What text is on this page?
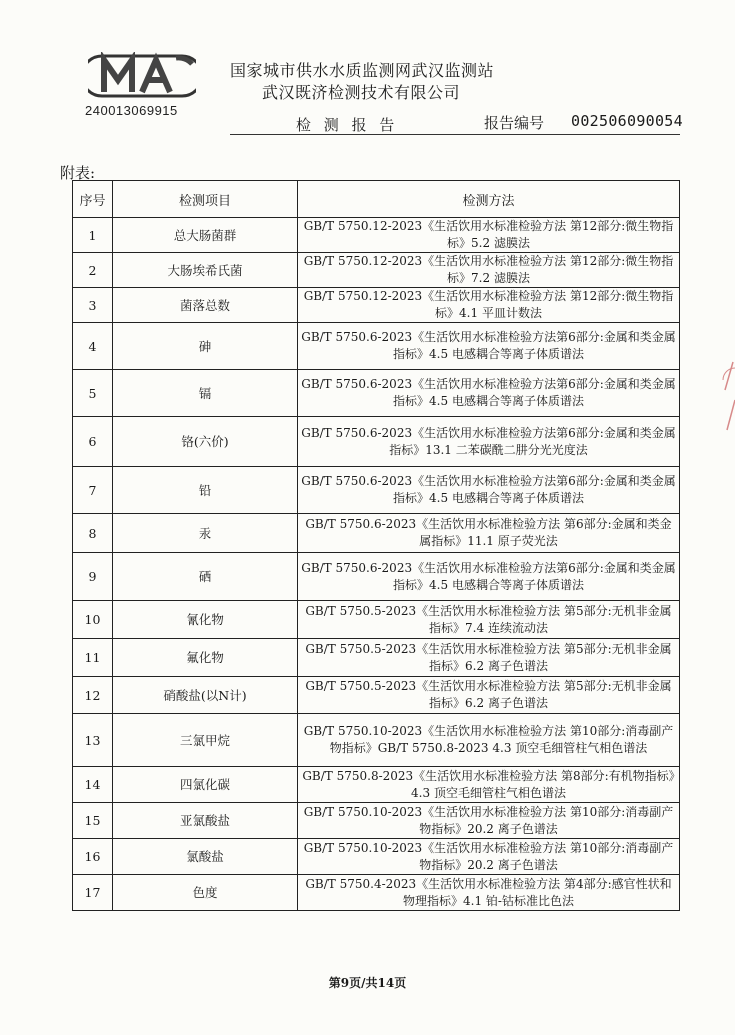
240013069915
国家城市供水水质监测网武汉监测站
武汉既济检测技术有限公司
检 测 报 告	报告编号 002506090054
附表:
序号	检测项目	检测方法
1	总大肠菌群	GB/T 5750.12-2023《生活饮用水标准检验方法 第12部分:微生物指标》5.2 滤膜法
2	大肠埃希氏菌	GB/T 5750.12-2023《生活饮用水标准检验方法 第12部分:微生物指标》7.2 滤膜法
3	菌落总数	GB/T 5750.12-2023《生活饮用水标准检验方法 第12部分:微生物指标》4.1 平皿计数法
4	砷	GB/T 5750.6-2023《生活饮用水标准检验方法第6部分:金属和类金属指标》4.5 电感耦合等离子体质谱法
5	镉	GB/T 5750.6-2023《生活饮用水标准检验方法第6部分:金属和类金属指标》4.5 电感耦合等离子体质谱法
6	铬(六价)	GB/T 5750.6-2023《生活饮用水标准检验方法第6部分:金属和类金属指标》13.1 二苯碳酰二肼分光光度法
7	铅	GB/T 5750.6-2023《生活饮用水标准检验方法第6部分:金属和类金属指标》4.5 电感耦合等离子体质谱法
8	汞	GB/T 5750.6-2023《生活饮用水标准检验方法 第6部分:金属和类金属指标》11.1 原子荧光法
9	硒	GB/T 5750.6-2023《生活饮用水标准检验方法第6部分:金属和类金属指标》4.5 电感耦合等离子体质谱法
10	氰化物	GB/T 5750.5-2023《生活饮用水标准检验方法 第5部分:无机非金属指标》7.4 连续流动法
11	氟化物	GB/T 5750.5-2023《生活饮用水标准检验方法 第5部分:无机非金属指标》6.2 离子色谱法
12	硝酸盐(以N计)	GB/T 5750.5-2023《生活饮用水标准检验方法 第5部分:无机非金属指标》6.2 离子色谱法
13	三氯甲烷	GB/T 5750.10-2023《生活饮用水标准检验方法 第10部分:消毒副产物指标》GB/T 5750.8-2023 4.3 顶空毛细管柱气相色谱法
14	四氯化碳	GB/T 5750.8-2023《生活饮用水标准检验方法 第8部分:有机物指标》4.3 顶空毛细管柱气相色谱法
15	亚氯酸盐	GB/T 5750.10-2023《生活饮用水标准检验方法 第10部分:消毒副产物指标》20.2 离子色谱法
16	氯酸盐	GB/T 5750.10-2023《生活饮用水标准检验方法 第10部分:消毒副产物指标》20.2 离子色谱法
17	色度	GB/T 5750.4-2023《生活饮用水标准检验方法 第4部分:感官性状和物理指标》4.1 铂-钴标准比色法
第9页/共14页
